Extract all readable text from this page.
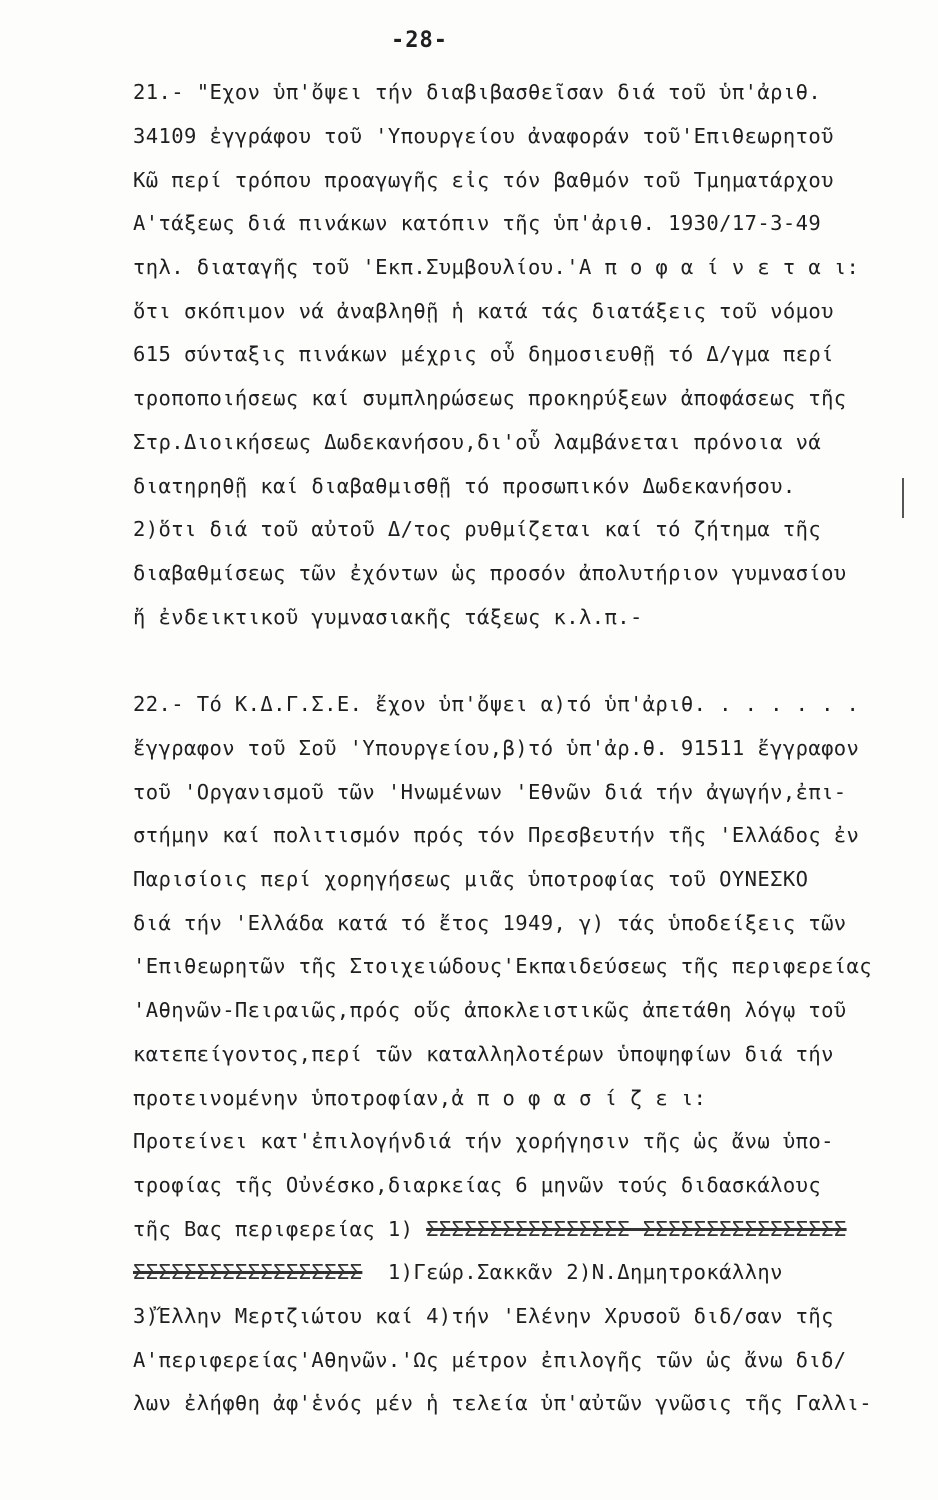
-28-
21.- "Εχον ὑπ'ὄψει τήν διαβιβασθεῖσαν διά τοῦ ὑπ'ἀριθ.
34109 ἐγγράφου τοῦ 'Υπουργείου ἀναφοράν τοῦ'Επιθεωρητοῦ
Κῶ περί τρόπου προαγωγῆς εἰς τόν βαθμόν τοῦ Τμηματάρχου
Α'τάξεως διά πινάκων κατόπιν τῆς ὑπ'ἀριθ. 1930/17-3-49
τηλ. διαταγῆς τοῦ 'Εκπ.Συμβουλίου.'Α π ο φ α ί ν ε τ α ι:
ὅτι σκόπιμον νά ἀναβληθῇ ἡ κατά τάς διατάξεις τοῦ νόμου
615 σύνταξις πινάκων μέχρις οὗ δημοσιευθῇ τό Δ/γμα περί
τροποποιήσεως καί συμπληρώσεως προκηρύξεων ἀποφάσεως τῆς
Στρ.Διοικήσεως Δωδεκανήσου,δι'οὗ λαμβάνεται πρόνοια νά
διατηρηθῇ καί διαβαθμισθῇ τό προσωπικόν Δωδεκανήσου.
2)ὅτι διά τοῦ αὐτοῦ Δ/τος ρυθμίζεται καί τό ζήτημα τῆς
διαβαθμίσεως τῶν ἐχόντων ὡς προσόν ἀπολυτήριον γυμνασίου
ἤ ἐνδεικτικοῦ γυμνασιακῆς τάξεως κ.λ.π.-
22.- Τό Κ.Δ.Γ.Σ.Ε. ἔχον ὑπ'ὄψει α)τό ὑπ'ἀριθ. . . . . . .
ἔγγραφον τοῦ Σοῦ 'Υπουργείου,β)τό ὑπ'ἀρ.θ. 91511 ἔγγραφον
τοῦ 'Οργανισμοῦ τῶν 'Ηνωμένων 'Εθνῶν διά τήν ἀγωγήν,ἐπι-
στήμην καί πολιτισμόν πρός τόν Πρεσβευτήν τῆς 'Ελλάδος ἐν
Παρισίοις περί χορηγήσεως μιᾶς ὑποτροφίας τοῦ ΟΥΝΕΣΚΟ
διά τήν 'Ελλάδα κατά τό ἔτος 1949, γ) τάς ὑποδείξεις τῶν
'Επιθεωρητῶν τῆς Στοιχειώδους'Εκπαιδεύσεως τῆς περιφερείας
'Αθηνῶν-Πειραιῶς,πρός οὕς ἀποκλειστικῶς ἀπετάθη λόγῳ τοῦ
κατεπείγοντος,περί τῶν καταλληλοτέρων ὑποψηφίων διά τήν
προτεινομένην ὑποτροφίαν,ἀ π ο φ α σ ί ζ ε ι:
Προτείνει κατ'ἐπιλογήνδιά τήν χορήγησιν τῆς ὡς ἄνω ὑπο-
τροφίας τῆς Οὐνέσκο,διαρκείας 6 μηνῶν τούς διδασκάλους
τῆς Βας περιφερείας 1) ΣΣΣΣΣΣΣΣΣΣΣΣΣΣΣΣ ΣΣΣΣΣΣΣΣΣΣΣΣΣΣΣΣ
ΣΣΣΣΣΣΣΣΣΣΣΣΣΣΣΣΣΣ 1)Γεώρ.Σακκᾶν 2)Ν.Δημητροκάλλην
3)Ἔλλην Μερτζιώτου καί 4)τήν 'Ελένην Χρυσοῦ διδ/σαν τῆς
Α'περιφερείας'Αθηνῶν.'Ως μέτρον ἐπιλογῆς τῶν ὡς ἄνω διδ/
λων ἐλήφθη ἀφ'ἑνός μέν ἡ τελεία ὑπ'αὐτῶν γνῶσις τῆς Γαλλι-
